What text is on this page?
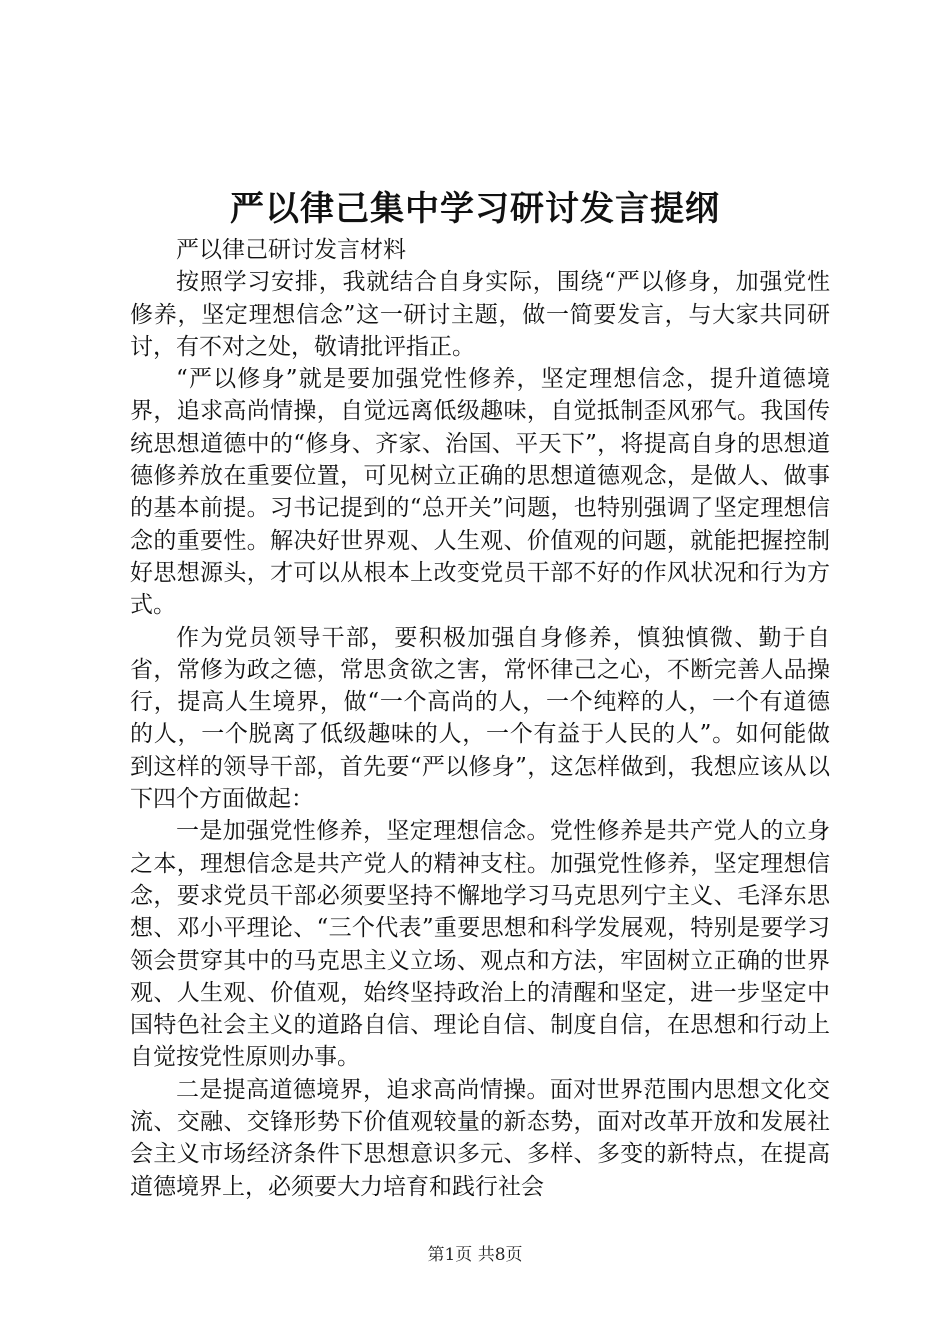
严以律己集中学习研讨发言提纲

严以律己研讨发言材料

按照学习安排，我就结合自身实际，围绕“严以修身，加强党性修养，坚定理想信念”这一研讨主题，做一简要发言，与大家共同研讨，有不对之处，敬请批评指正。

“严以修身”就是要加强党性修养，坚定理想信念，提升道德境界，追求高尚情操，自觉远离低级趣味，自觉抵制歪风邪气。我国传统思想道德中的“修身、齐家、治国、平天下”，将提高自身的思想道德修养放在重要位置，可见树立正确的思想道德观念，是做人、做事的基本前提。习书记提到的“总开关”问题，也特别强调了坚定理想信念的重要性。解决好世界观、人生观、价值观的问题，就能把握控制好思想源头，才可以从根本上改变党员干部不好的作风状况和行为方式。

作为党员领导干部，要积极加强自身修养，慎独慎微、勤于自省，常修为政之德，常思贪欲之害，常怀律己之心，不断完善人品操行，提高人生境界，做“一个高尚的人，一个纯粹的人，一个有道德的人，一个脱离了低级趣味的人，一个有益于人民的人”。如何能做到这样的领导干部，首先要“严以修身”，这怎样做到，我想应该从以下四个方面做起：

一是加强党性修养，坚定理想信念。党性修养是共产党人的立身之本，理想信念是共产党人的精神支柱。加强党性修养，坚定理想信念，要求党员干部必须要坚持不懈地学习马克思列宁主义、毛泽东思想、邓小平理论、“三个代表”重要思想和科学发展观，特别是要学习领会贯穿其中的马克思主义立场、观点和方法，牢固树立正确的世界观、人生观、价值观，始终坚持政治上的清醒和坚定，进一步坚定中国特色社会主义的道路自信、理论自信、制度自信，在思想和行动上自觉按党性原则办事。

二是提高道德境界，追求高尚情操。面对世界范围内思想文化交流、交融、交锋形势下价值观较量的新态势，面对改革开放和发展社会主义市场经济条件下思想意识多元、多样、多变的新特点，在提高道德境界上，必须要大力培育和践行社会

第1页 共8页
